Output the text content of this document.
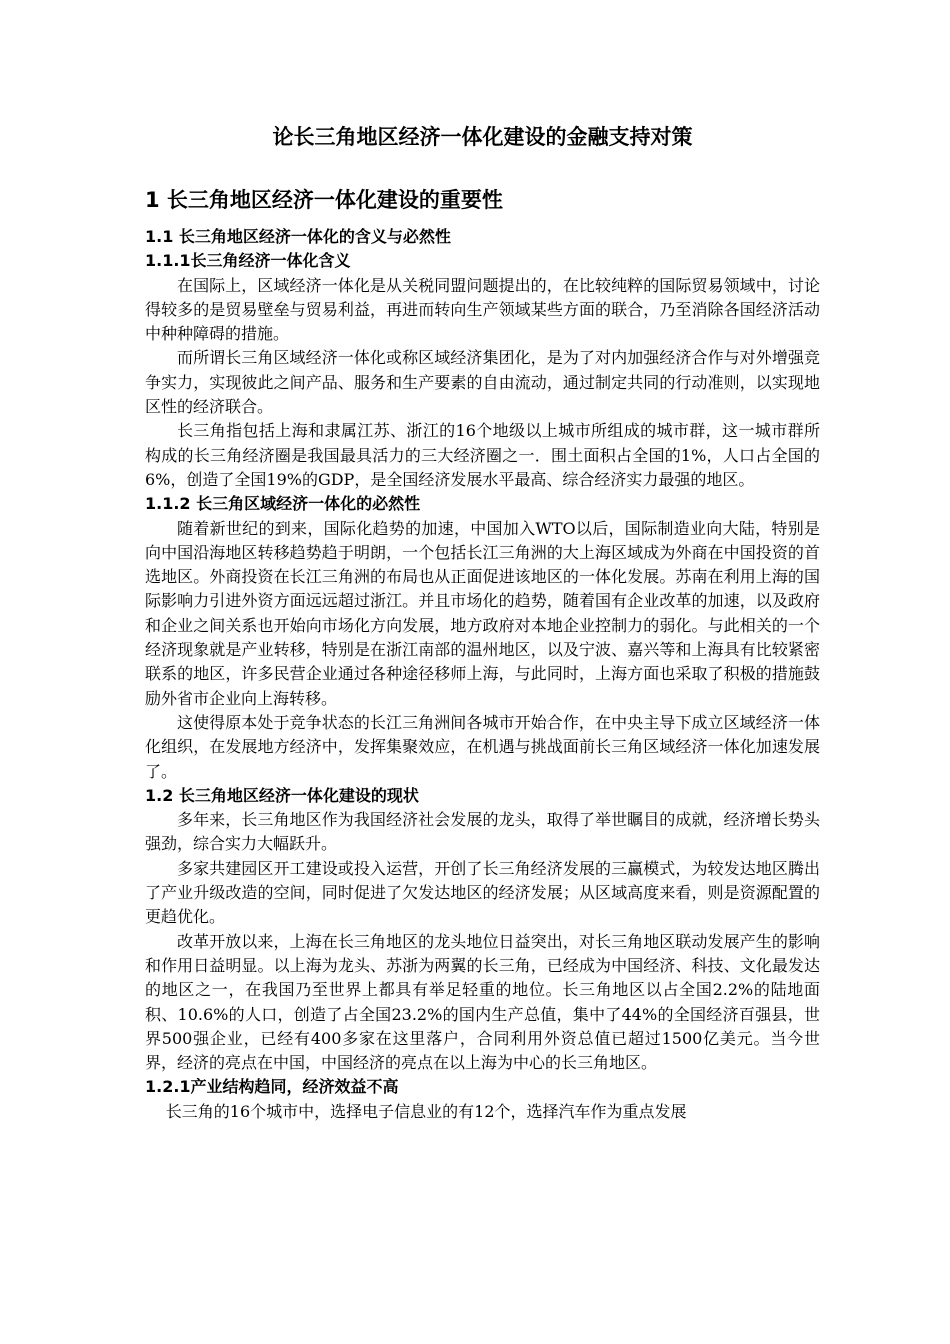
论长三角地区经济一体化建设的金融支持对策
1 长三角地区经济一体化建设的重要性
1.1 长三角地区经济一体化的含义与必然性
1.1.1长三角经济一体化含义

在国际上，区域经济一体化是从关税同盟问题提出的，在比较纯粹的国际贸易领域中，讨论得较多的是贸易壁垒与贸易利益，再进而转向生产领域某些方面的联合，乃至消除各国经济活动中种种障碍的措施。

而所谓长三角区域经济一体化或称区域经济集团化，是为了对内加强经济合作与对外增强竞争实力，实现彼此之间产品、服务和生产要素的自由流动，通过制定共同的行动准则，以实现地区性的经济联合。

长三角指包括上海和隶属江苏、浙江的16个地级以上城市所组成的城市群，这一城市群所构成的长三角经济圈是我国最具活力的三大经济圈之一．围土面积占全国的1%，人口占全国的6%，创造了全国19%的GDP，是全国经济发展水平最高、综合经济实力最强的地区。

1.1.2 长三角区域经济一体化的必然性

随着新世纪的到来，国际化趋势的加速，中国加入WTO以后，国际制造业向大陆，特别是向中国沿海地区转移趋势趋于明朗，一个包括长江三角洲的大上海区域成为外商在中国投资的首选地区。外商投资在长江三角洲的布局也从正面促进该地区的一体化发展。苏南在利用上海的国际影响力引进外资方面远远超过浙江。并且市场化的趋势，随着国有企业改革的加速，以及政府和企业之间关系也开始向市场化方向发展，地方政府对本地企业控制力的弱化。与此相关的一个经济现象就是产业转移，特别是在浙江南部的温州地区，以及宁波、嘉兴等和上海具有比较紧密联系的地区，许多民营企业通过各种途径移师上海，与此同时，上海方面也采取了积极的措施鼓励外省市企业向上海转移。

这使得原本处于竞争状态的长江三角洲间各城市开始合作，在中央主导下成立区域经济一体化组织，在发展地方经济中，发挥集聚效应，在机遇与挑战面前长三角区域经济一体化加速发展了。

1.2 长三角地区经济一体化建设的现状

多年来，长三角地区作为我国经济社会发展的龙头，取得了举世瞩目的成就，经济增长势头强劲，综合实力大幅跃升。

多家共建园区开工建设或投入运营，开创了长三角经济发展的三赢模式，为较发达地区腾出了产业升级改造的空间，同时促进了欠发达地区的经济发展；从区域高度来看，则是资源配置的更趋优化。

改革开放以来，上海在长三角地区的龙头地位日益突出，对长三角地区联动发展产生的影响和作用日益明显。以上海为龙头、苏浙为两翼的长三角，已经成为中国经济、科技、文化最发达的地区之一，在我国乃至世界上都具有举足轻重的地位。长三角地区以占全国2.2%的陆地面积、10.6%的人口，创造了占全国23.2%的国内生产总值，集中了44%的全国经济百强县，世界500强企业，已经有400多家在这里落户，合同利用外资总值已超过1500亿美元。当今世界，经济的亮点在中国，中国经济的亮点在以上海为中心的长三角地区。

1.2.1产业结构趋同，经济效益不高

长三角的16个城市中，选择电子信息业的有12个，选择汽车作为重点发展
